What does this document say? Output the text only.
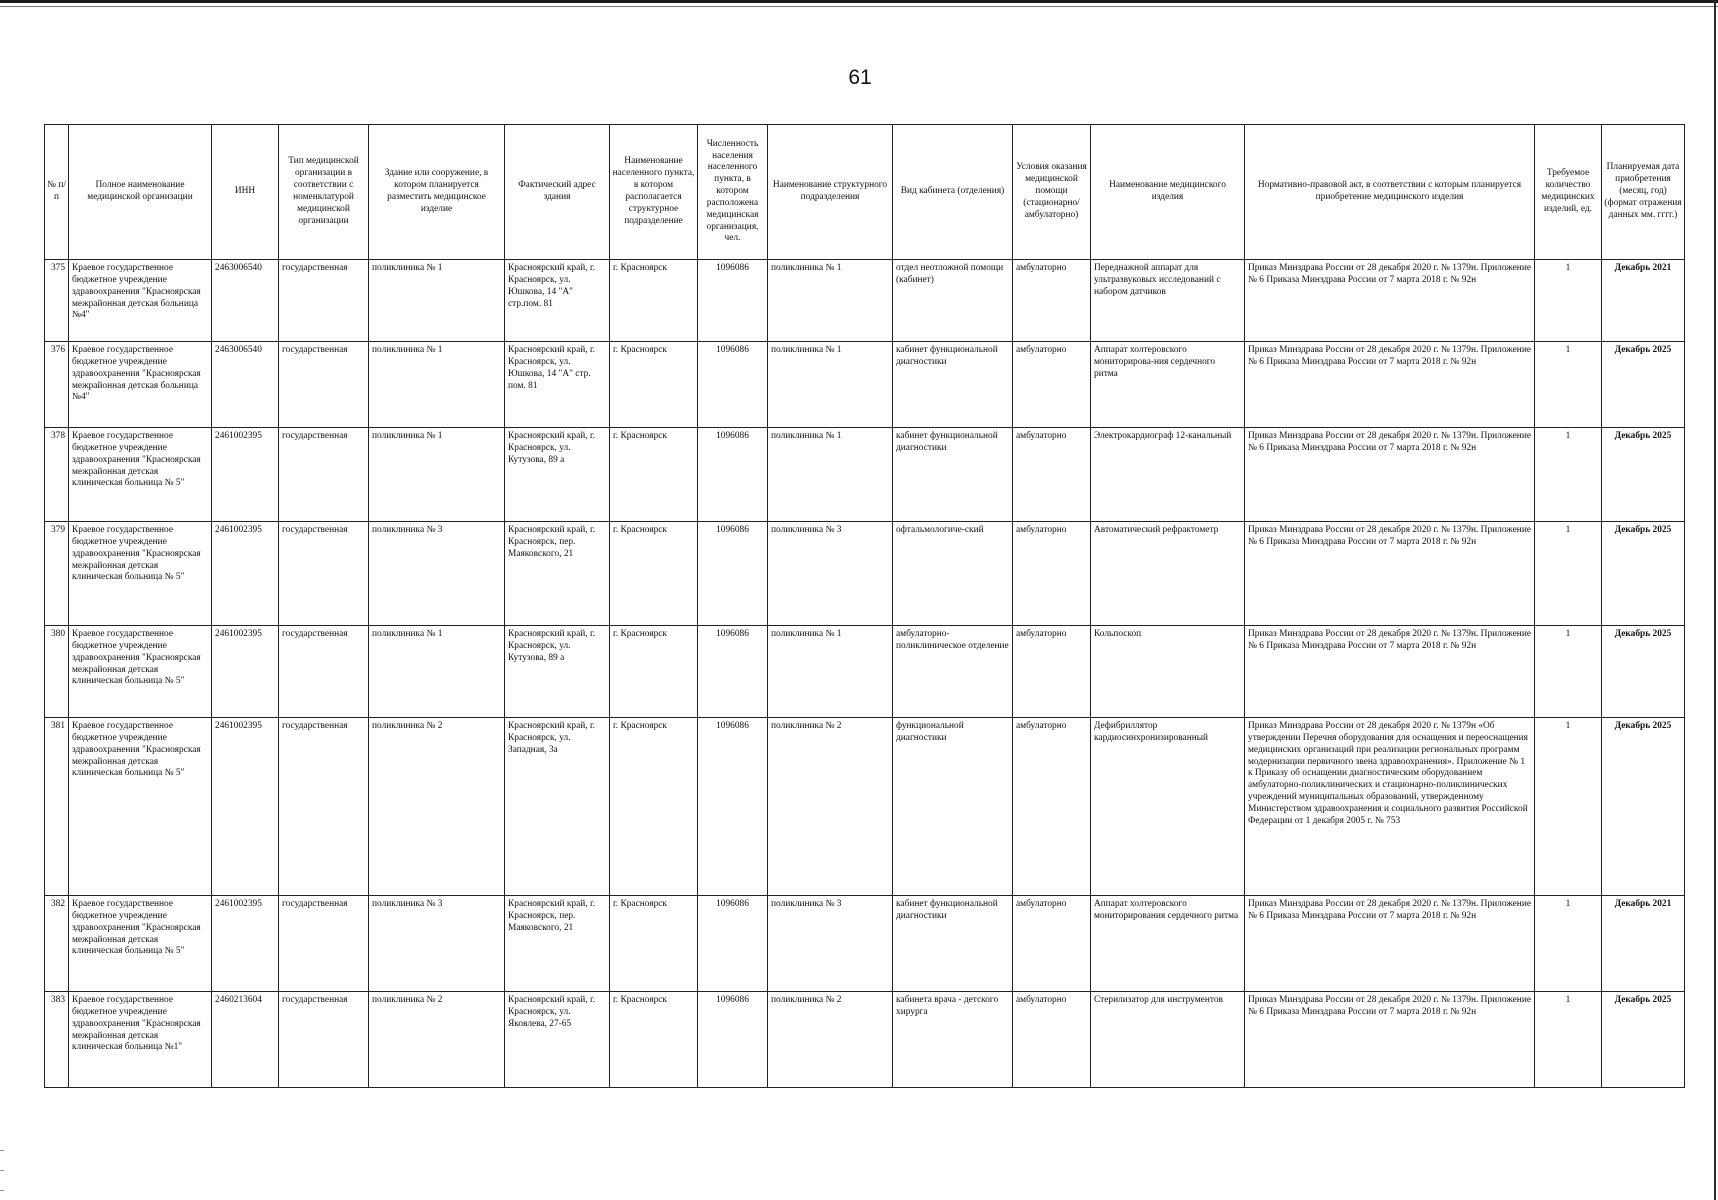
61
№ п/п	Полное наименование медицинской организации	ИНН	Тип медицинской организации в соответствии с номенклатурой медицинской организации	Здание или сооружение, в котором планируется разместить медицинское изделие	Фактический адрес здания	Наименование населенного пункта, в котором располагается структурное подразделение	Численность населения населенного пункта, в котором расположена медицинская организация, чел.	Наименование структурного подразделения	Вид кабинета (отделения)	Условия оказания медицинской помощи (стационарно/ амбулаторно)	Наименование медицинского изделия	Нормативно-правовой акт, в соответствии с которым планируется приобретение медицинского изделия	Требуемое количество медицинских изделий, ед.	Планируемая дата приобретения (месяц, год) (формат отражения данных мм. гггг.)
375	Краевое государственное бюджетное учреждение здравоохранения "Красноярская межрайонная детская больница №4"	2463006540	государственная	поликлиника № 1	Красноярский край, г. Красноярск, ул. Юшкова, 14 "А" стр.пом. 81	г. Красноярск	1096086	поликлиника № 1	отдел неотложной помощи (кабинет)	амбулаторно	Переднажной аппарат для ультразвуковых исследований с набором датчиков	Приказ Минздрава России от 28 декабря 2020 г. № 1379н. Приложение № 6 Приказа Минздрава России от 7 марта 2018 г. № 92н	1	Декабрь 2021
376	Краевое государственное бюджетное учреждение здравоохранения "Красноярская межрайонная детская больница №4"	2463006540	государственная	поликлиника № 1	Красноярский край, г. Красноярск, ул. Юшкова, 14 "А" стр. пом. 81	г. Красноярск	1096086	поликлиника № 1	кабинет функциональной диагностики	амбулаторно	Аппарат холтеровского мониторирова-ния сердечного ритма	Приказ Минздрава России от 28 декабря 2020 г. № 1379н. Приложение № 6 Приказа Минздрава России от 7 марта 2018 г. № 92н	1	Декабрь 2025
378	Краевое государственное бюджетное учреждение здравоохранения "Красноярская межрайонная детская клиническая больница № 5"	2461002395	государственная	поликлиника № 1	Красноярский край, г. Красноярск, ул. Кутузова, 89 а	г. Красноярск	1096086	поликлиника № 1	кабинет функциональной диагностики	амбулаторно	Электрокардиограф 12-канальный	Приказ Минздрава России от 28 декабря 2020 г. № 1379н. Приложение № 6 Приказа Минздрава России от 7 марта 2018 г. № 92н	1	Декабрь 2025
379	Краевое государственное бюджетное учреждение здравоохранения "Красноярская межрайонная детская клиническая больница № 5"	2461002395	государственная	поликлиника № 3	Красноярский край, г. Красноярск, пер. Маяковского, 21	г. Красноярск	1096086	поликлиника № 3	офтальмологиче-ский	амбулаторно	Автоматический рефрактометр	Приказ Минздрава России от 28 декабря 2020 г. № 1379н. Приложение № 6 Приказа Минздрава России от 7 марта 2018 г. № 92н	1	Декабрь 2025
380	Краевое государственное бюджетное учреждение здравоохранения "Красноярская межрайонная детская клиническая больница № 5"	2461002395	государственная	поликлиника № 1	Красноярский край, г. Красноярск, ул. Кутузова, 89 а	г. Красноярск	1096086	поликлиника № 1	амбулаторно-поликлиническое отделение	амбулаторно	Кольпоскоп	Приказ Минздрава России от 28 декабря 2020 г. № 1379н. Приложение № 6 Приказа Минздрава России от 7 марта 2018 г. № 92н	1	Декабрь 2025
381	Краевое государственное бюджетное учреждение здравоохранения "Красноярская межрайонная детская клиническая больница № 5"	2461002395	государственная	поликлиника № 2	Красноярский край, г. Красноярск, ул. Западная, 3а	г. Красноярск	1096086	поликлиника № 2	функциональной диагностики	амбулаторно	Дефибриллятор кардиосинхронизированный	Приказ Минздрава России от 28 декабря 2020 г. № 1379н «Об утверждении Перечня оборудования для оснащения и переоснащения медицинских организаций при реализации региональных программ модернизации первичного звена здравоохранения». Приложение № 1 к Приказу об оснащении диагностическим оборудованием амбулаторно-поликлинических и стационарно-поликлинических учреждений муниципальных образований, утвержденному Министерством здравоохранения и социального развития Российской Федерации от 1 декабря 2005 г. № 753	1	Декабрь 2025
382	Краевое государственное бюджетное учреждение здравоохранения "Красноярская межрайонная детская клиническая больница № 5"	2461002395	государственная	поликлиника № 3	Красноярский край, г. Красноярск, пер. Маяковского, 21	г. Красноярск	1096086	поликлиника № 3	кабинет функциональной диагностики	амбулаторно	Аппарат холтеровского мониторирования сердечного ритма	Приказ Минздрава России от 28 декабря 2020 г. № 1379н. Приложение № 6 Приказа Минздрава России от 7 марта 2018 г. № 92н	1	Декабрь 2021
383	Краевое государственное бюджетное учреждение здравоохранения "Красноярская межрайонная детская клиническая больница №1"	2460213604	государственная	поликлиника № 2	Красноярский край, г. Красноярск, ул. Яковлева, 27-65	г. Красноярск	1096086	поликлиника № 2	кабинета врача - детского хирурга	амбулаторно	Стерилизатор для инструментов	Приказ Минздрава России от 28 декабря 2020 г. № 1379н. Приложение № 6 Приказа Минздрава России от 7 марта 2018 г. № 92н	1	Декабрь 2025
